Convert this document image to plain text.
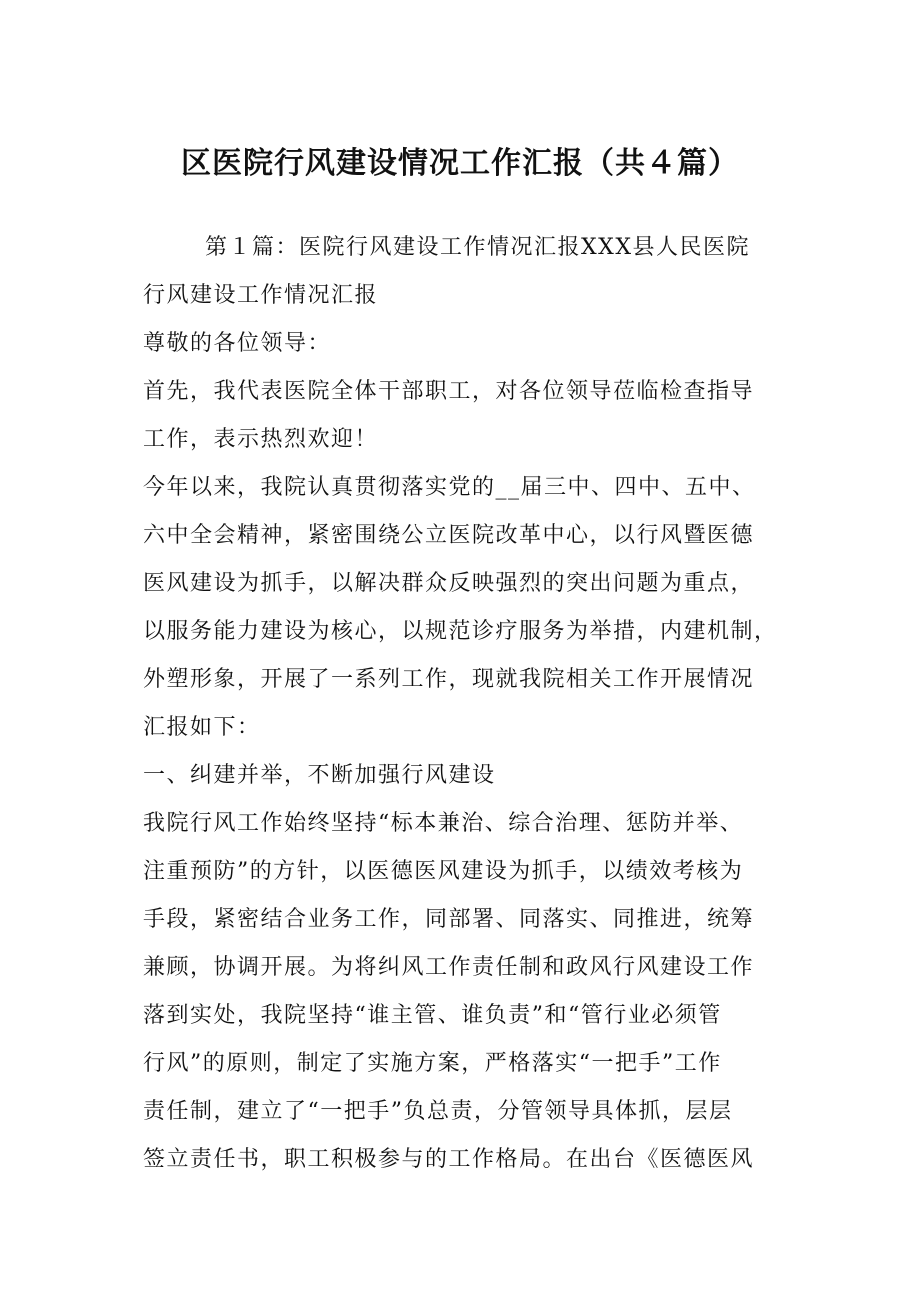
区医院行风建设情况工作汇报（共４篇）
第１篇：医院行风建设工作情况汇报XXX县人民医院
行风建设工作情况汇报
尊敬的各位领导：
首先，我代表医院全体干部职工，对各位领导莅临检查指导
工作，表示热烈欢迎！
今年以来，我院认真贯彻落实党的__届三中、四中、五中、
六中全会精神，紧密围绕公立医院改革中心，以行风暨医德
医风建设为抓手，以解决群众反映强烈的突出问题为重点，
以服务能力建设为核心，以规范诊疗服务为举措，内建机制，
外塑形象，开展了一系列工作，现就我院相关工作开展情况
汇报如下：
一、纠建并举，不断加强行风建设
我院行风工作始终坚持“标本兼治、综合治理、惩防并举、
注重预防”的方针，以医德医风建设为抓手，以绩效考核为
手段，紧密结合业务工作，同部署、同落实、同推进，统筹
兼顾，协调开展。为将纠风工作责任制和政风行风建设工作
落到实处，我院坚持“谁主管、谁负责”和“管行业必须管
行风”的原则，制定了实施方案，严格落实“一把手”工作
责任制，建立了“一把手”负总责，分管领导具体抓，层层
签立责任书，职工积极参与的工作格局。在出台《医德医风
